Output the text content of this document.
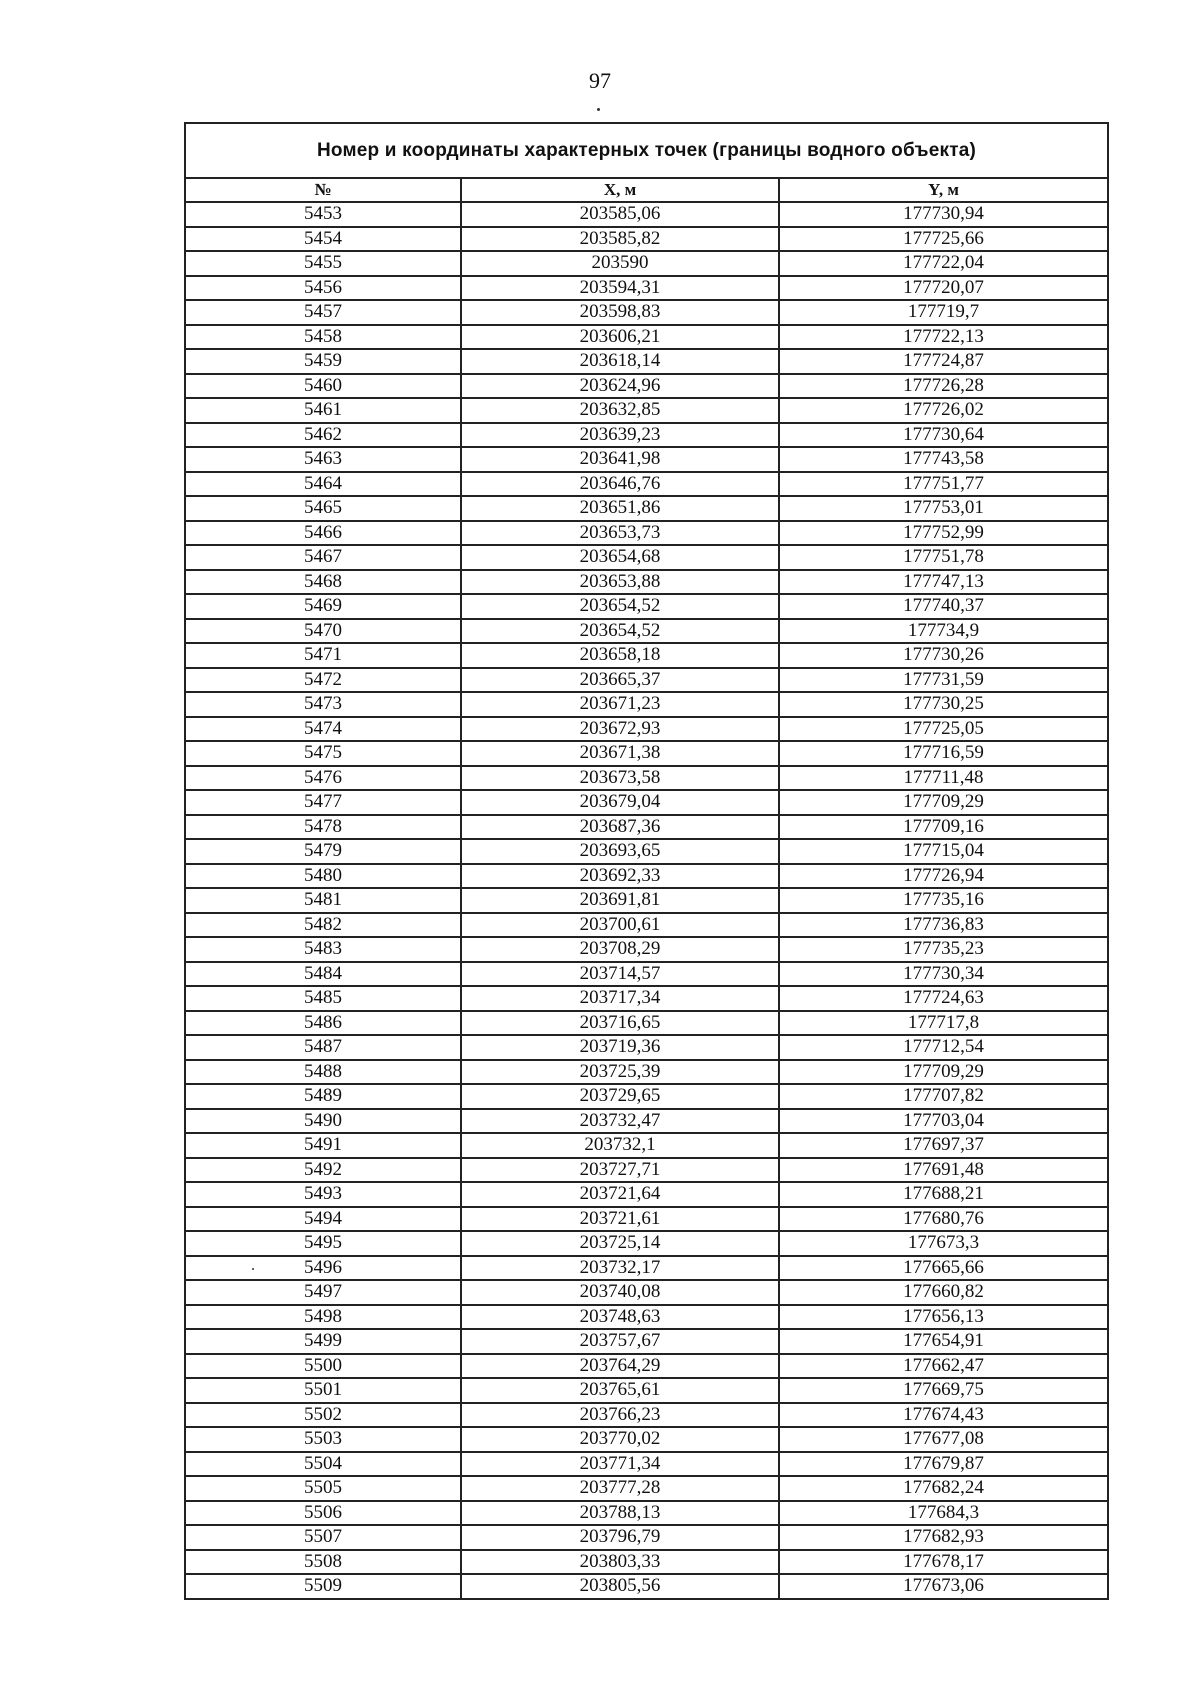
97
Номер и координаты характерных точек (границы водного объекта)		
№	X, м	Y, м
5453	203585,06	177730,94
5454	203585,82	177725,66
5455	203590	177722,04
5456	203594,31	177720,07
5457	203598,83	177719,7
5458	203606,21	177722,13
5459	203618,14	177724,87
5460	203624,96	177726,28
5461	203632,85	177726,02
5462	203639,23	177730,64
5463	203641,98	177743,58
5464	203646,76	177751,77
5465	203651,86	177753,01
5466	203653,73	177752,99
5467	203654,68	177751,78
5468	203653,88	177747,13
5469	203654,52	177740,37
5470	203654,52	177734,9
5471	203658,18	177730,26
5472	203665,37	177731,59
5473	203671,23	177730,25
5474	203672,93	177725,05
5475	203671,38	177716,59
5476	203673,58	177711,48
5477	203679,04	177709,29
5478	203687,36	177709,16
5479	203693,65	177715,04
5480	203692,33	177726,94
5481	203691,81	177735,16
5482	203700,61	177736,83
5483	203708,29	177735,23
5484	203714,57	177730,34
5485	203717,34	177724,63
5486	203716,65	177717,8
5487	203719,36	177712,54
5488	203725,39	177709,29
5489	203729,65	177707,82
5490	203732,47	177703,04
5491	203732,1	177697,37
5492	203727,71	177691,48
5493	203721,64	177688,21
5494	203721,61	177680,76
5495	203725,14	177673,3
5496	203732,17	177665,66
5497	203740,08	177660,82
5498	203748,63	177656,13
5499	203757,67	177654,91
5500	203764,29	177662,47
5501	203765,61	177669,75
5502	203766,23	177674,43
5503	203770,02	177677,08
5504	203771,34	177679,87
5505	203777,28	177682,24
5506	203788,13	177684,3
5507	203796,79	177682,93
5508	203803,33	177678,17
5509	203805,56	177673,06
